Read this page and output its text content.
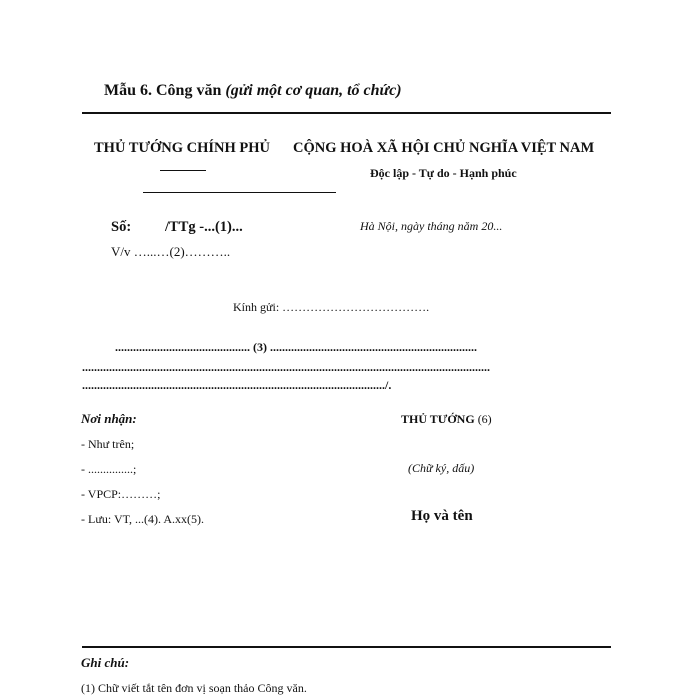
Mẫu 6. Công văn (gửi một cơ quan, tổ chức)
THỦ TƯỚNG CHÍNH PHỦ CỘNG HOÀ XÃ HỘI CHỦ NGHĨA VIỆT NAM
Độc lập - Tự do - Hạnh phúc
Số: /TTg -...(1)...
V/v …...…(2)………..
Hà Nội, ngày tháng năm 20...
Kính gửi: ……………………………….
............................................. (3) .....................................................................
........................................................................................................................................
...................................................................................................../.
Nơi nhận:
- Như trên;
- ...............;
- VPCP:………;
- Lưu: VT, ...(4). A.xx(5).
THỦ TƯỚNG (6)
(Chữ ký, dấu)
Họ và tên
Ghi chú:
(1) Chữ viết tắt tên đơn vị soạn thảo Công văn.
